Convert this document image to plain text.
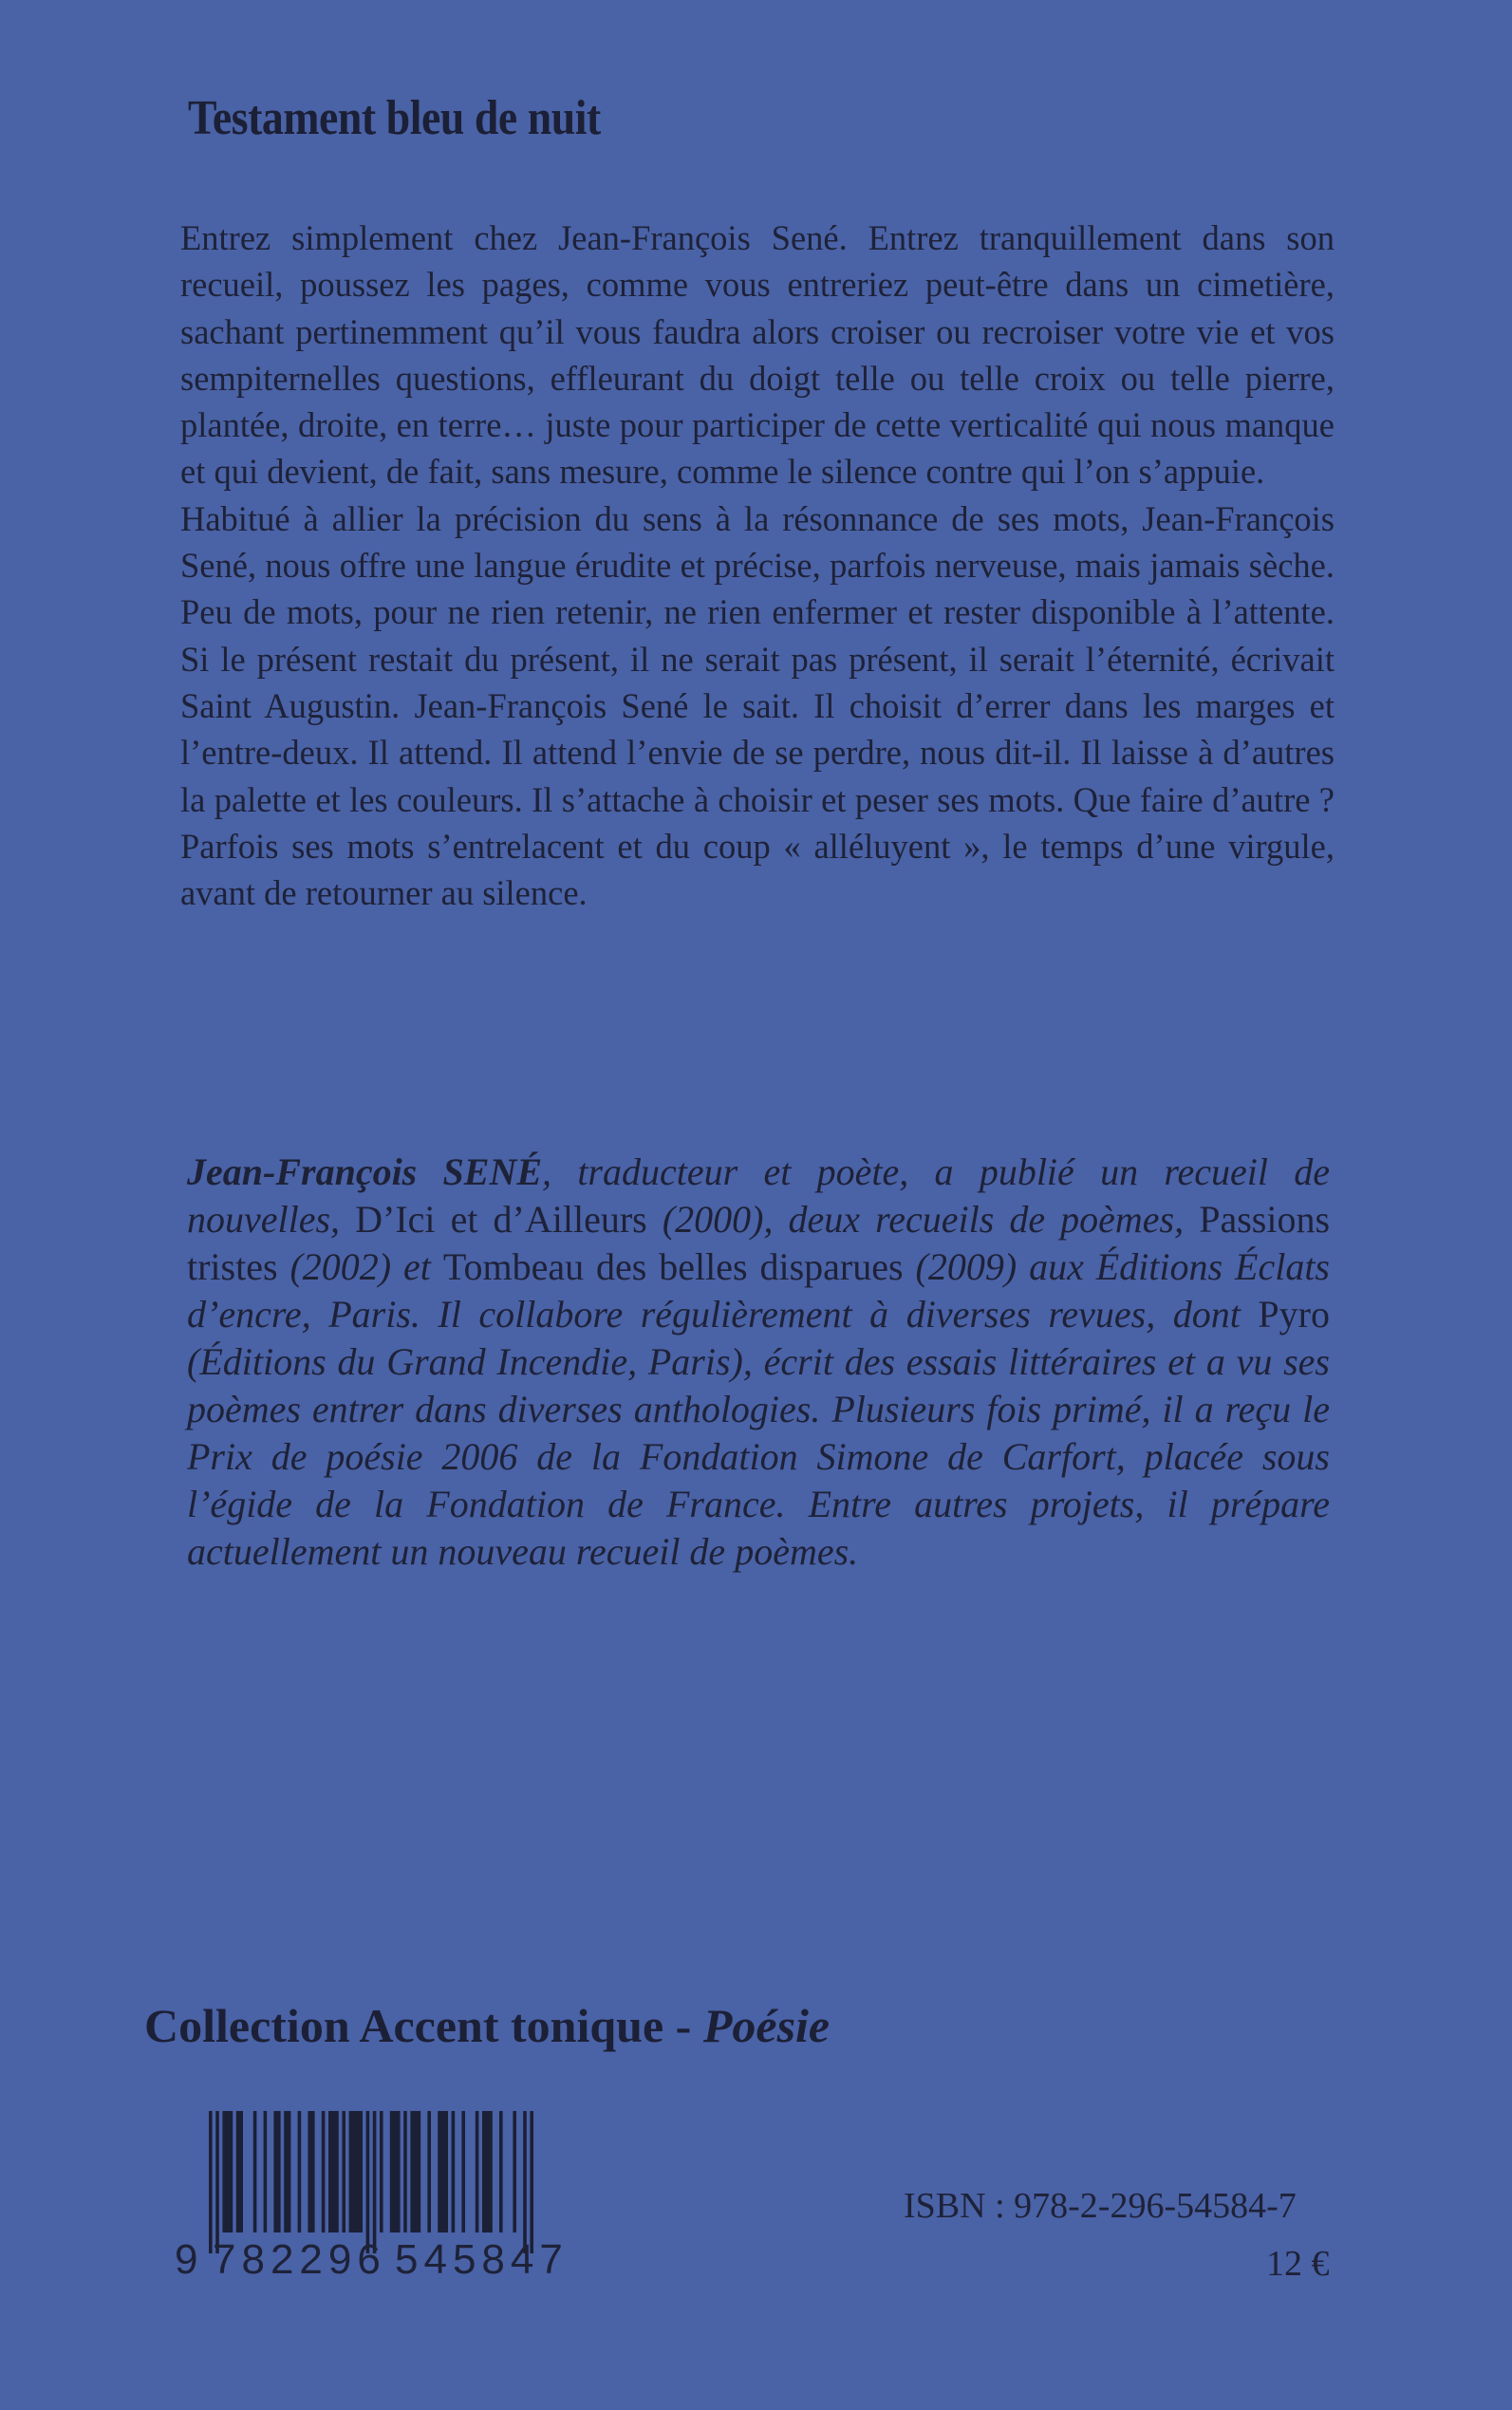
Testament bleu de nuit

Entrez simplement chez Jean-François Sené. Entrez tranquillement dans son recueil, poussez les pages, comme vous entreriez peut-être dans un cimetière, sachant pertinemment qu’il vous faudra alors croiser ou recroiser votre vie et vos sempiternelles questions, effleurant du doigt telle ou telle croix ou telle pierre, plantée, droite, en terre… juste pour participer de cette verticalité qui nous manque et qui devient, de fait, sans mesure, comme le silence contre qui l’on s’appuie.

Habitué à allier la précision du sens à la résonnance de ses mots, Jean-François Sené, nous offre une langue érudite et précise, parfois nerveuse, mais jamais sèche. Peu de mots, pour ne rien retenir, ne rien enfermer et rester disponible à l’attente. Si le présent restait du présent, il ne serait pas présent, il serait l’éternité, écrivait Saint Augustin. Jean-François Sené le sait. Il choisit d’errer dans les marges et l’entre-deux. Il attend. Il attend l’envie de se perdre, nous dit-il. Il laisse à d’autres la palette et les couleurs. Il s’attache à choisir et peser ses mots. Que faire d’autre ? Parfois ses mots s’entrelacent et du coup « alléluyent », le temps d’une virgule, avant de retourner au silence.

Jean-François SENÉ, traducteur et poète, a publié un recueil de nouvelles, D’Ici et d’Ailleurs (2000), deux recueils de poèmes, Passions tristes (2002) et Tombeau des belles disparues (2009) aux Éditions Éclats d’encre, Paris. Il collabore régulièrement à diverses revues, dont Pyro (Éditions du Grand Incendie, Paris), écrit des essais littéraires et a vu ses poèmes entrer dans diverses anthologies. Plusieurs fois primé, il a reçu le Prix de poésie 2006 de la Fondation Simone de Carfort, placée sous l’égide de la Fondation de France. Entre autres projets, il prépare actuellement un nouveau recueil de poèmes.
Collection Accent tonique - Poésie
9 782296 545847
ISBN : 978-2-296-54584-7
12 €
